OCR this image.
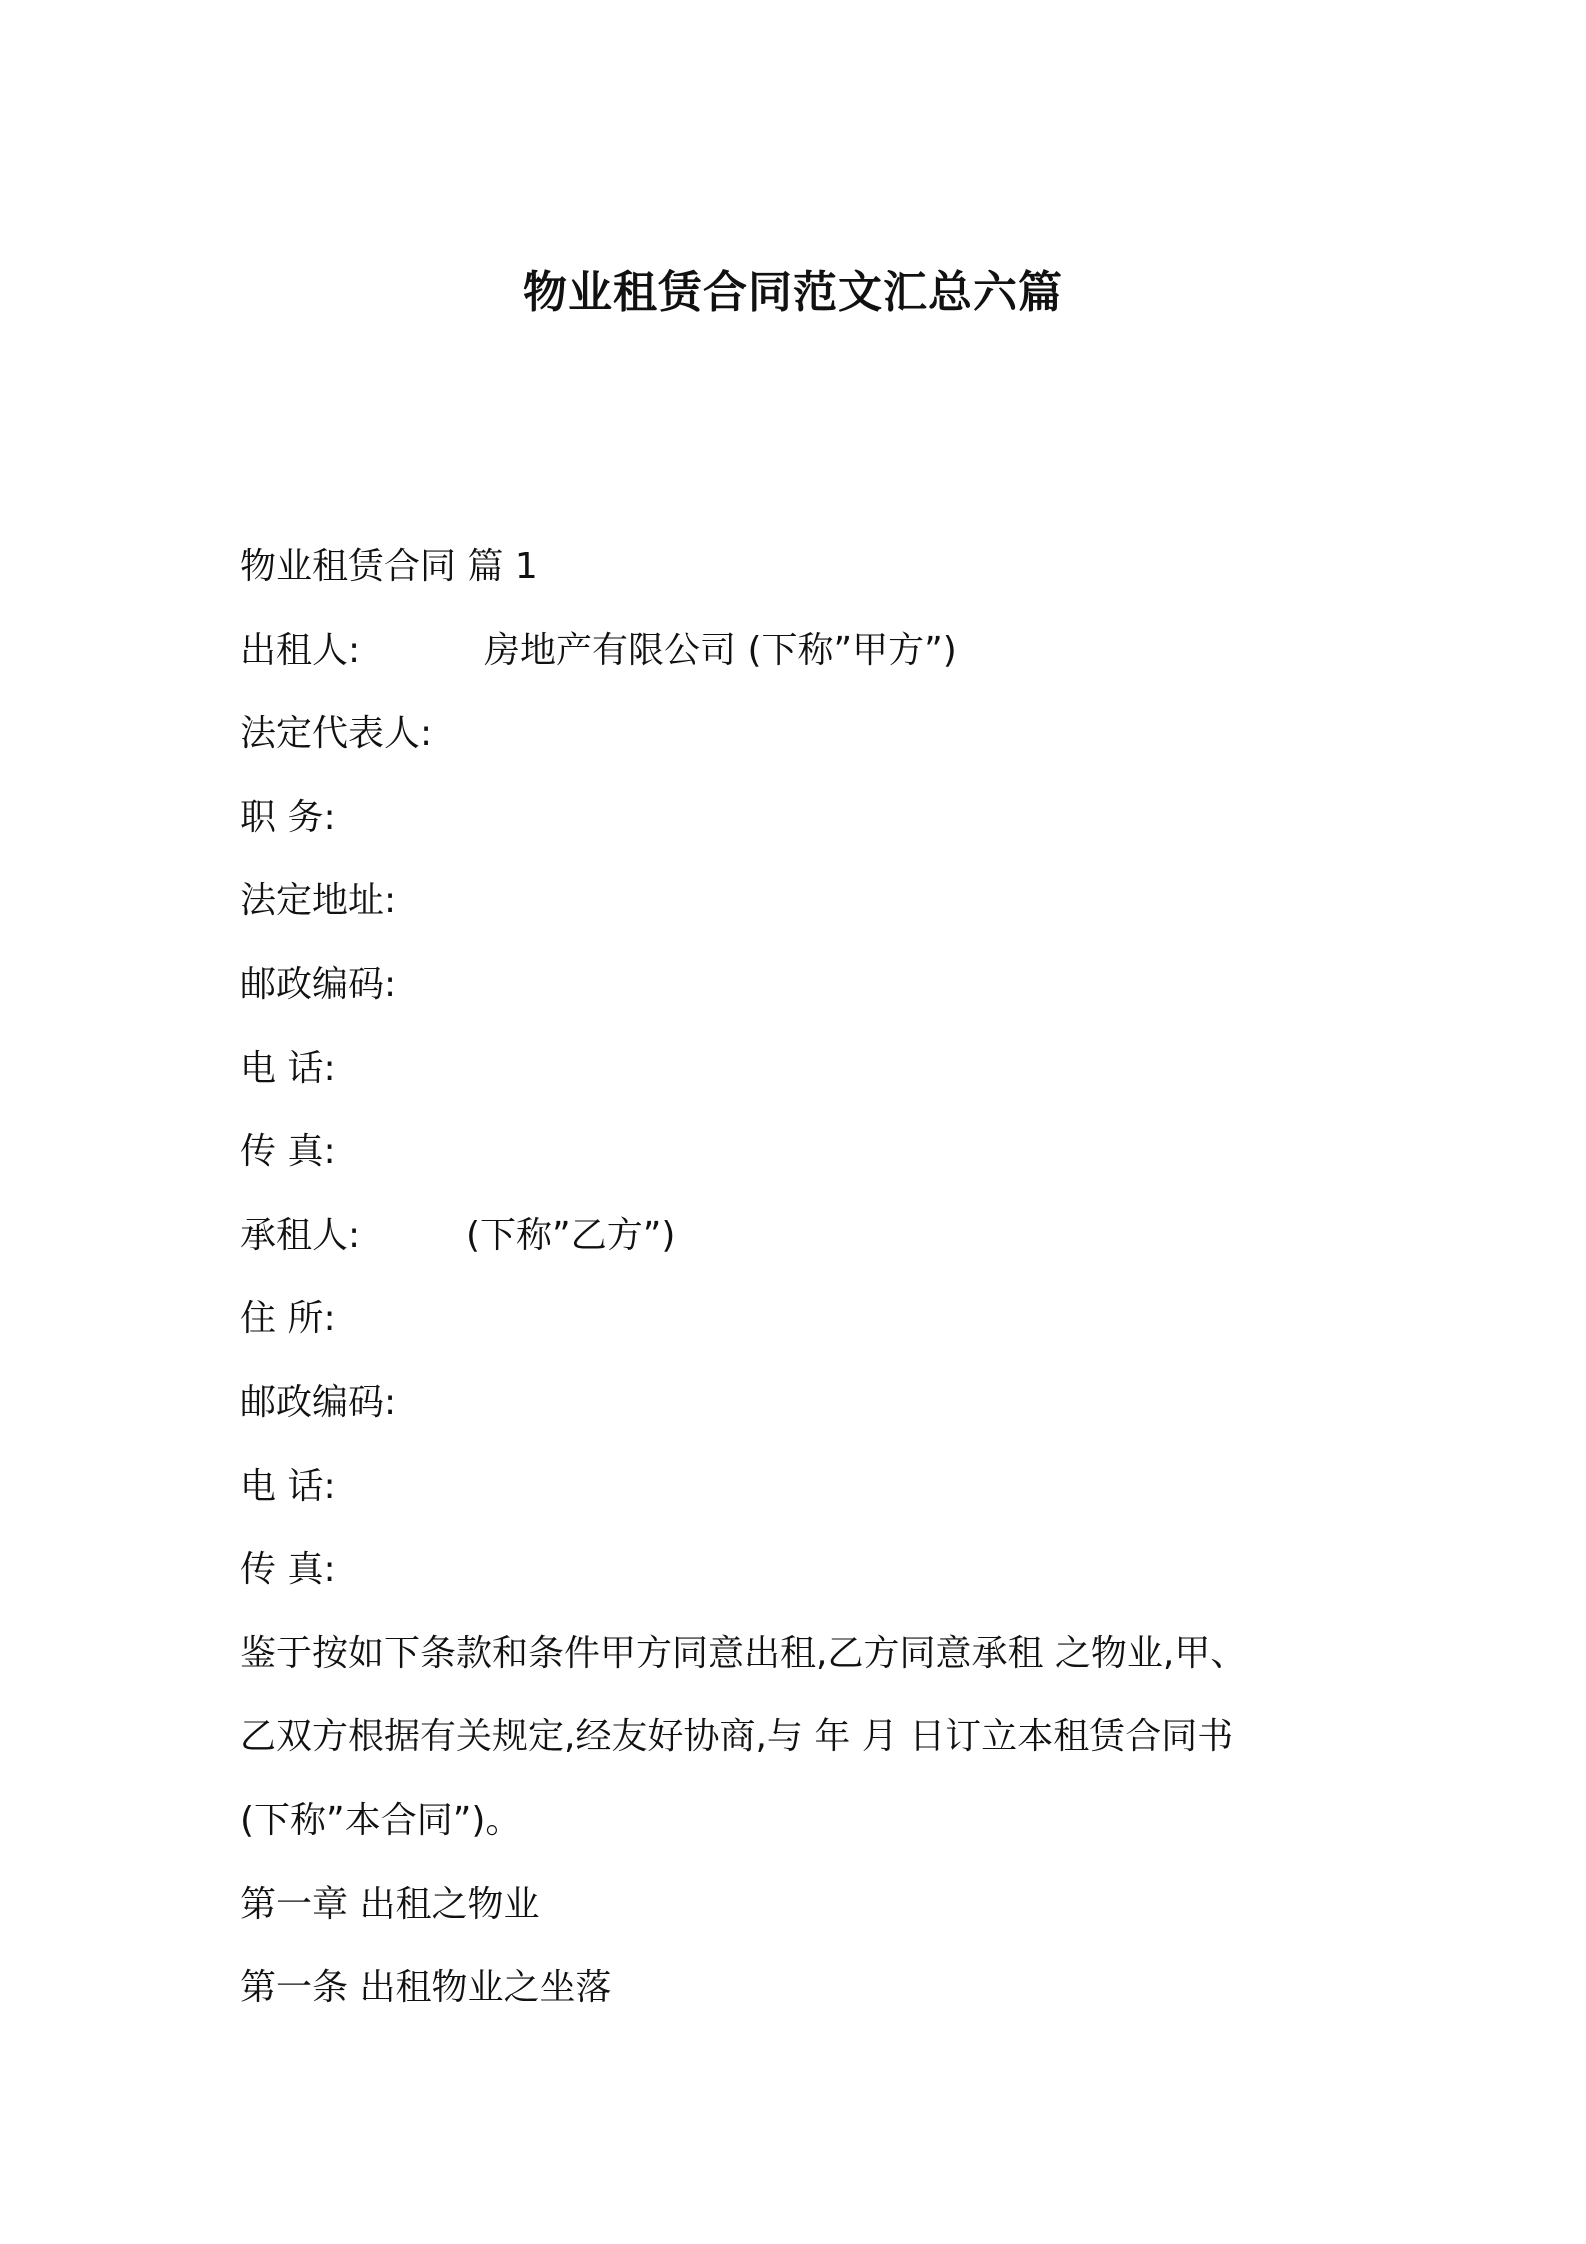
物业租赁合同范文汇总六篇
物业租赁合同 篇 1
出租人:	房地产有限公司 (下称”甲方”)
法定代表人:
职 务:
法定地址:
邮政编码:
电 话:
传 真:
承租人:	(下称”乙方”)
住 所:
邮政编码:
电 话:
传 真:
鉴于按如下条款和条件甲方同意出租,乙方同意承租 之物业,甲、
乙双方根据有关规定,经友好协商,与 年 月 日订立本租赁合同书
(下称”本合同”)。
第一章 出租之物业
第一条 出租物业之坐落
